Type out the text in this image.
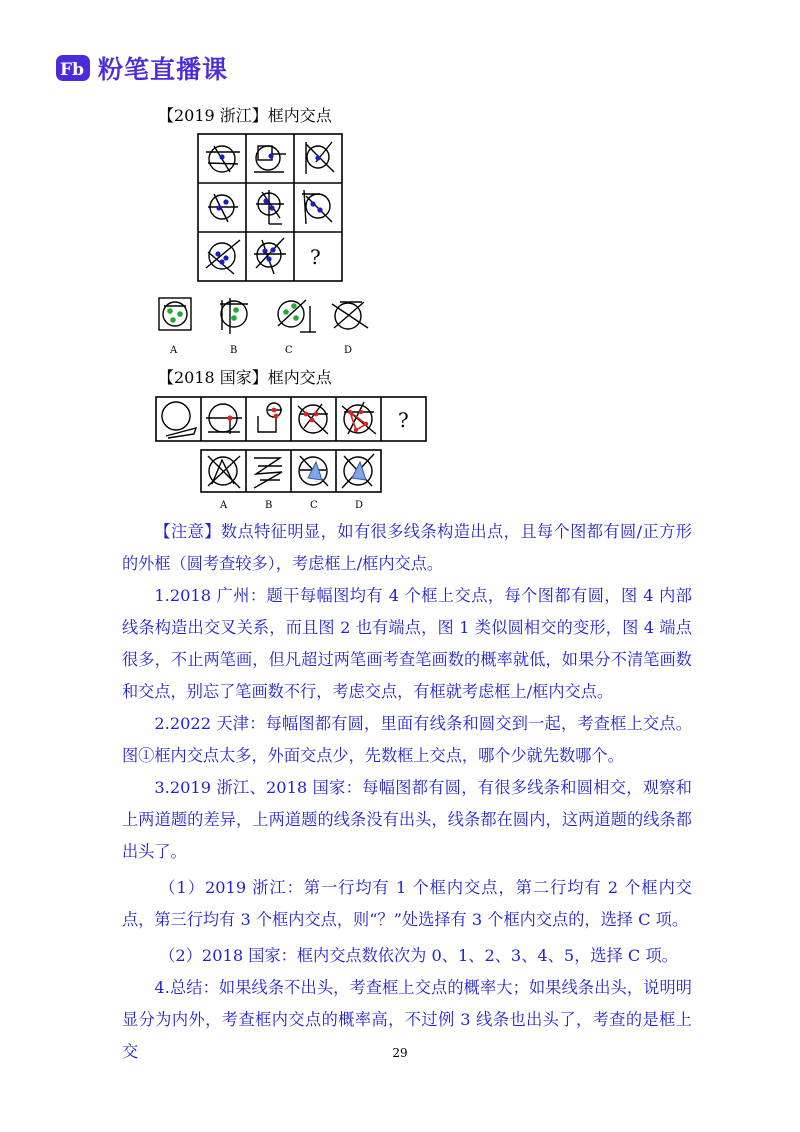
Fb 粉笔直播课
【2019 浙江】框内交点
?
A	B	C	D
【2018 国家】框内交点
?
A	B	C	D

【注意】数点特征明显，如有很多线条构造出点，且每个图都有圆/正方形的外框（圆考查较多），考虑框上/框内交点。

1.2018 广州：题干每幅图均有 4 个框上交点，每个图都有圆，图 4 内部线条构造出交叉关系，而且图 2 也有端点，图 1 类似圆相交的变形，图 4 端点很多，不止两笔画，但凡超过两笔画考查笔画数的概率就低，如果分不清笔画数和交点，别忘了笔画数不行，考虑交点，有框就考虑框上/框内交点。

2.2022 天津：每幅图都有圆，里面有线条和圆交到一起，考查框上交点。图①框内交点太多，外面交点少，先数框上交点，哪个少就先数哪个。

3.2019 浙江、2018 国家：每幅图都有圆，有很多线条和圆相交，观察和上两道题的差异，上两道题的线条没有出头，线条都在圆内，这两道题的线条都出头了。

（1）2019 浙江：第一行均有 1 个框内交点，第二行均有 2 个框内交点，第三行均有 3 个框内交点，则“？”处选择有 3 个框内交点的，选择 C 项。

（2）2018 国家：框内交点数依次为 0、1、2、3、4、5，选择 C 项。

4.总结：如果线条不出头，考查框上交点的概率大；如果线条出头，说明明显分为内外，考查框内交点的概率高，不过例 3 线条也出头了，考查的是框上交	29
